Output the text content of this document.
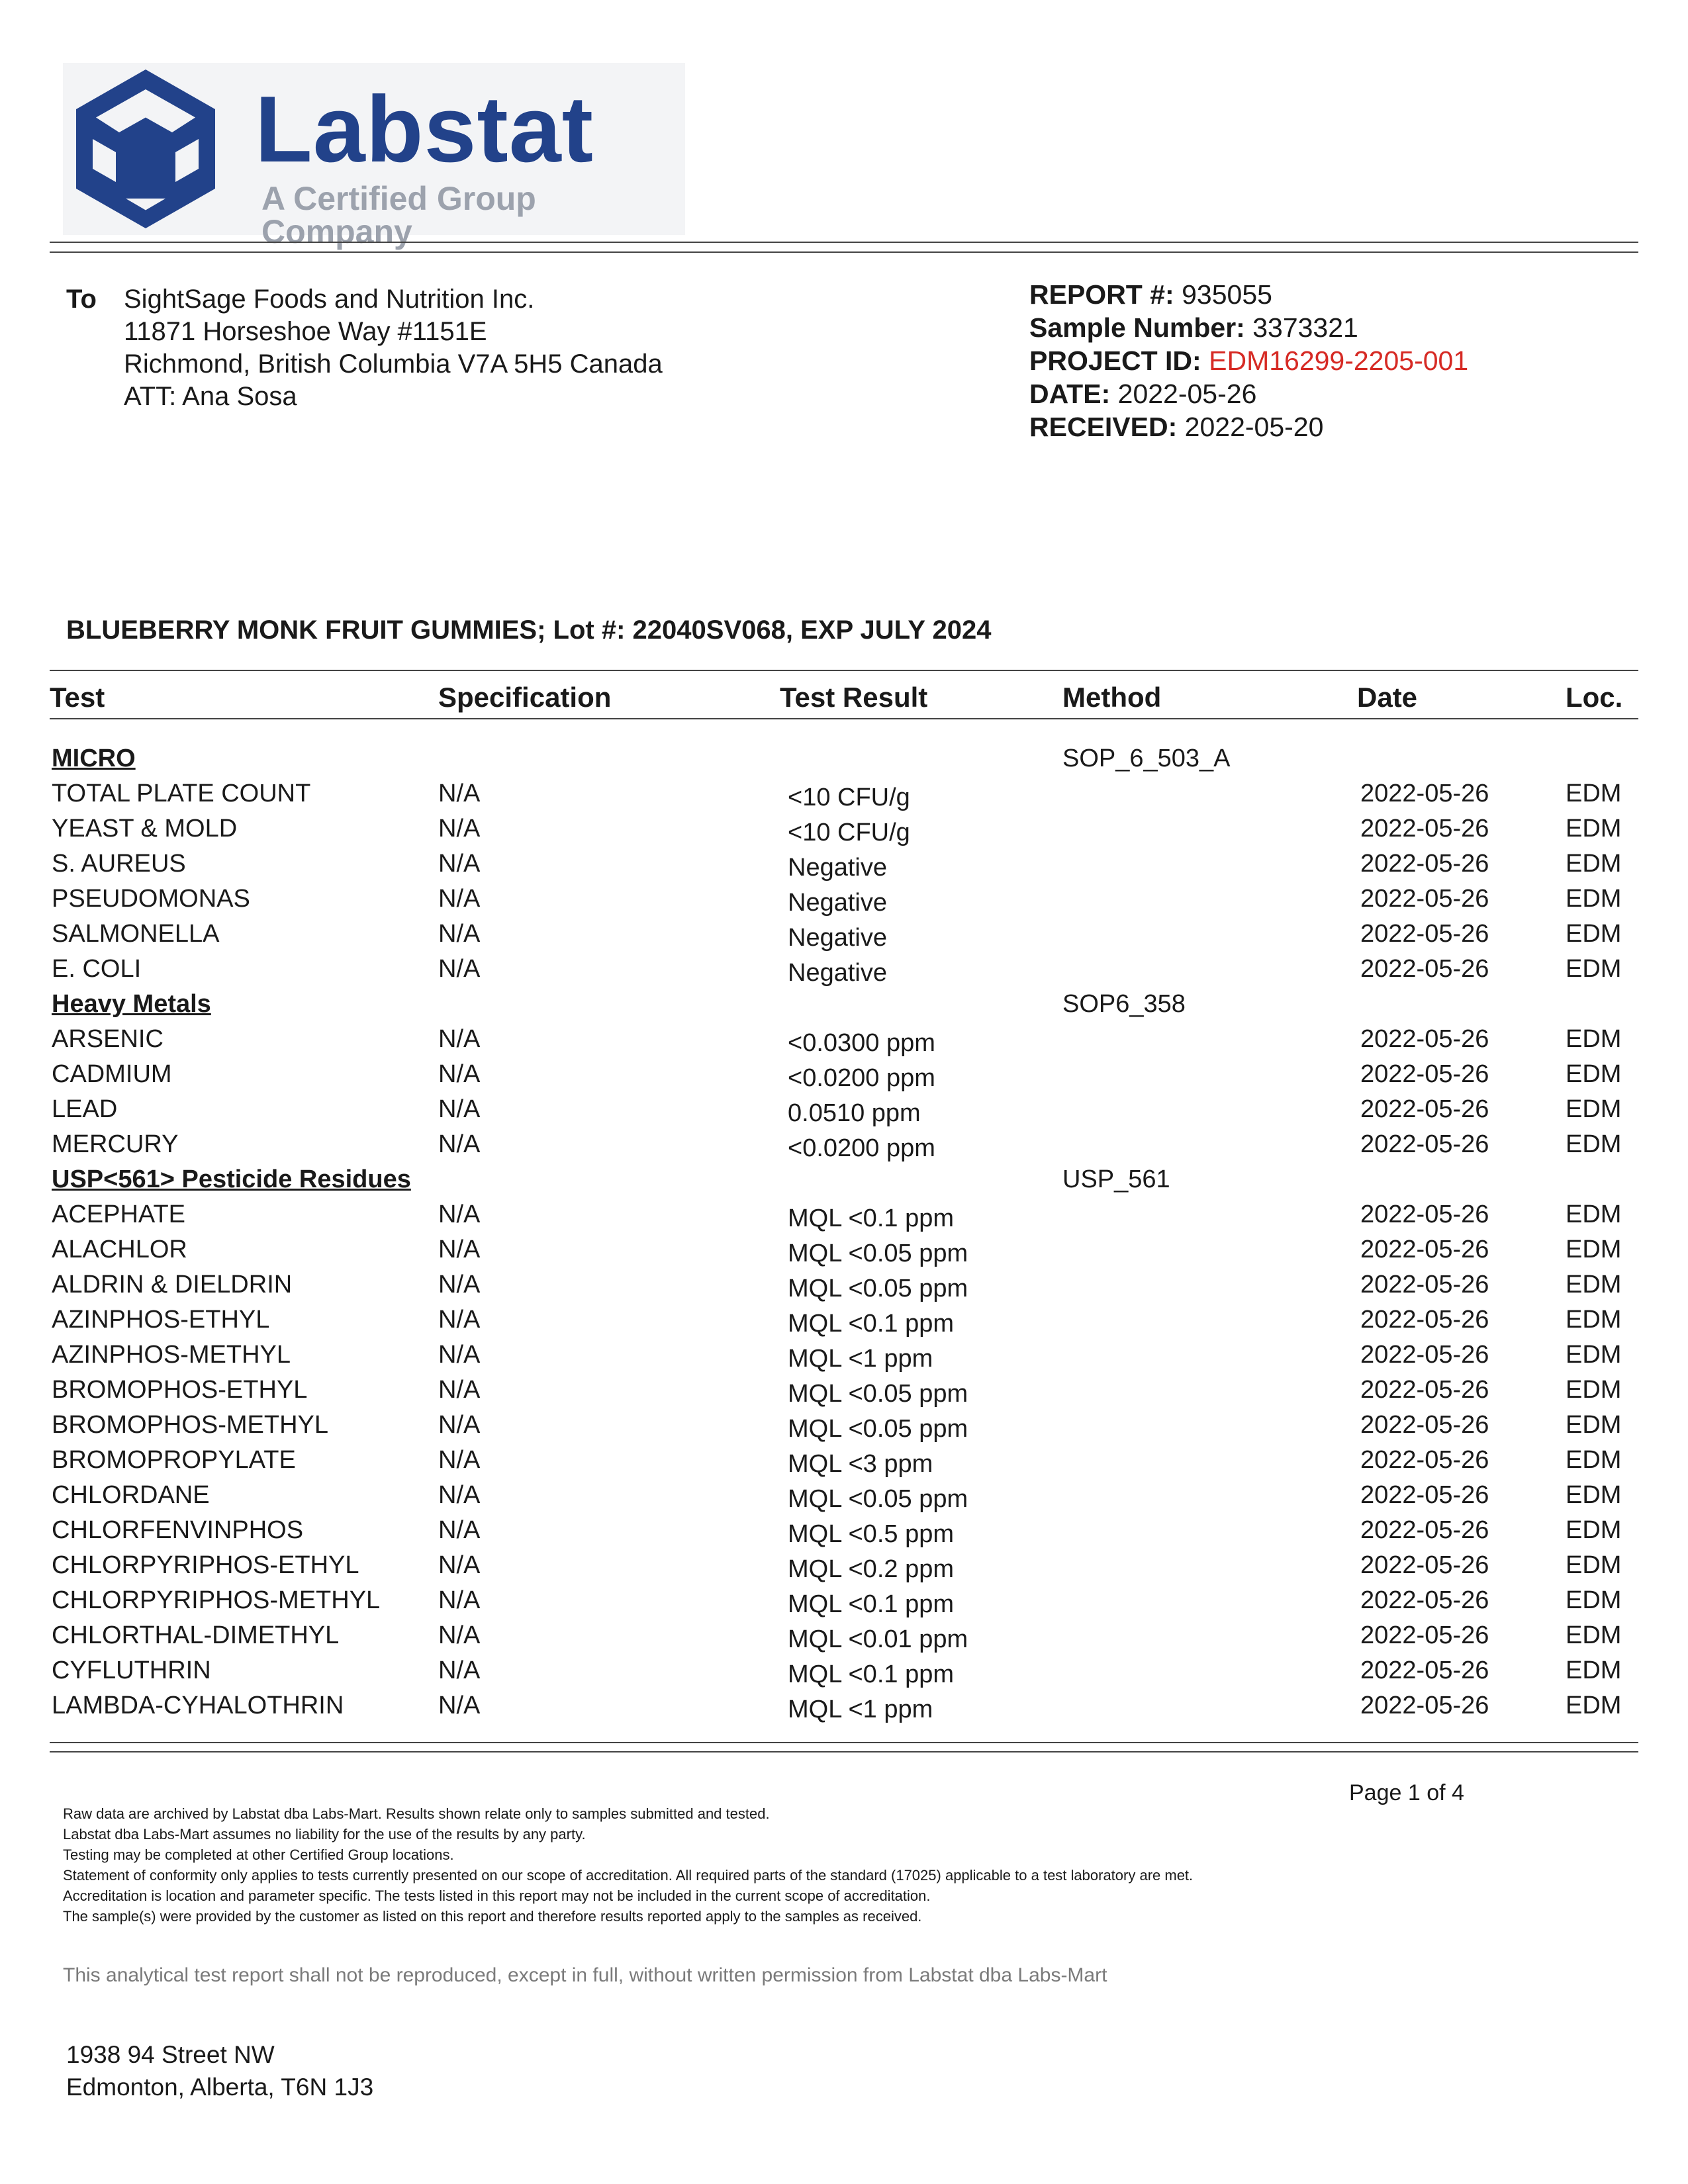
Labstat
A Certified Group Company
To SightSage Foods and Nutrition Inc.
11871 Horseshoe Way #1151E
Richmond, British Columbia V7A 5H5 Canada
ATT: Ana Sosa
REPORT #: 935055
Sample Number: 3373321
PROJECT ID: EDM16299-2205-001
DATE: 2022-05-26
RECEIVED: 2022-05-20
BLUEBERRY MONK FRUIT GUMMIES; Lot #: 22040SV068, EXP JULY 2024
Test	Specification	Test Result	Method	Date	Loc.
MICRO	SOP_6_503_A
TOTAL PLATE COUNT	N/A	<10 CFU/g	2022-05-26	EDM
YEAST & MOLD	N/A	<10 CFU/g	2022-05-26	EDM
S. AUREUS	N/A	Negative	2022-05-26	EDM
PSEUDOMONAS	N/A	Negative	2022-05-26	EDM
SALMONELLA	N/A	Negative	2022-05-26	EDM
E. COLI	N/A	Negative	2022-05-26	EDM
Heavy Metals	SOP6_358
ARSENIC	N/A	<0.0300 ppm	2022-05-26	EDM
CADMIUM	N/A	<0.0200 ppm	2022-05-26	EDM
LEAD	N/A	0.0510 ppm	2022-05-26	EDM
MERCURY	N/A	<0.0200 ppm	2022-05-26	EDM
USP<561> Pesticide Residues	USP_561
ACEPHATE	N/A	MQL <0.1 ppm	2022-05-26	EDM
ALACHLOR	N/A	MQL <0.05 ppm	2022-05-26	EDM
ALDRIN & DIELDRIN	N/A	MQL <0.05 ppm	2022-05-26	EDM
AZINPHOS-ETHYL	N/A	MQL <0.1 ppm	2022-05-26	EDM
AZINPHOS-METHYL	N/A	MQL <1 ppm	2022-05-26	EDM
BROMOPHOS-ETHYL	N/A	MQL <0.05 ppm	2022-05-26	EDM
BROMOPHOS-METHYL	N/A	MQL <0.05 ppm	2022-05-26	EDM
BROMOPROPYLATE	N/A	MQL <3 ppm	2022-05-26	EDM
CHLORDANE	N/A	MQL <0.05 ppm	2022-05-26	EDM
CHLORFENVINPHOS	N/A	MQL <0.5 ppm	2022-05-26	EDM
CHLORPYRIPHOS-ETHYL	N/A	MQL <0.2 ppm	2022-05-26	EDM
CHLORPYRIPHOS-METHYL N/A	MQL <0.1 ppm	2022-05-26	EDM
CHLORTHAL-DIMETHYL	N/A	MQL <0.01 ppm	2022-05-26	EDM
CYFLUTHRIN	N/A	MQL <0.1 ppm	2022-05-26	EDM
LAMBDA-CYHALOTHRIN	N/A	MQL <1 ppm	2022-05-26	EDM
Page 1 of 4

Raw data are archived by Labstat dba Labs-Mart. Results shown relate only to samples submitted and tested.

Labstat dba Labs-Mart assumes no liability for the use of the results by any party.

Testing may be completed at other Certified Group locations.

Statement of conformity only applies to tests currently presented on our scope of accreditation. All required parts of the standard (17025) applicable to a test laboratory are met. Accreditation is location and parameter specific. The tests listed in this report may not be included in the current scope of accreditation.

The sample(s) were provided by the customer as listed on this report and therefore results reported apply to the samples as received.

This analytical test report shall not be reproduced, except in full, without written permission from Labstat dba Labs-Mart
1938 94 Street NW
Edmonton, Alberta, T6N 1J3
